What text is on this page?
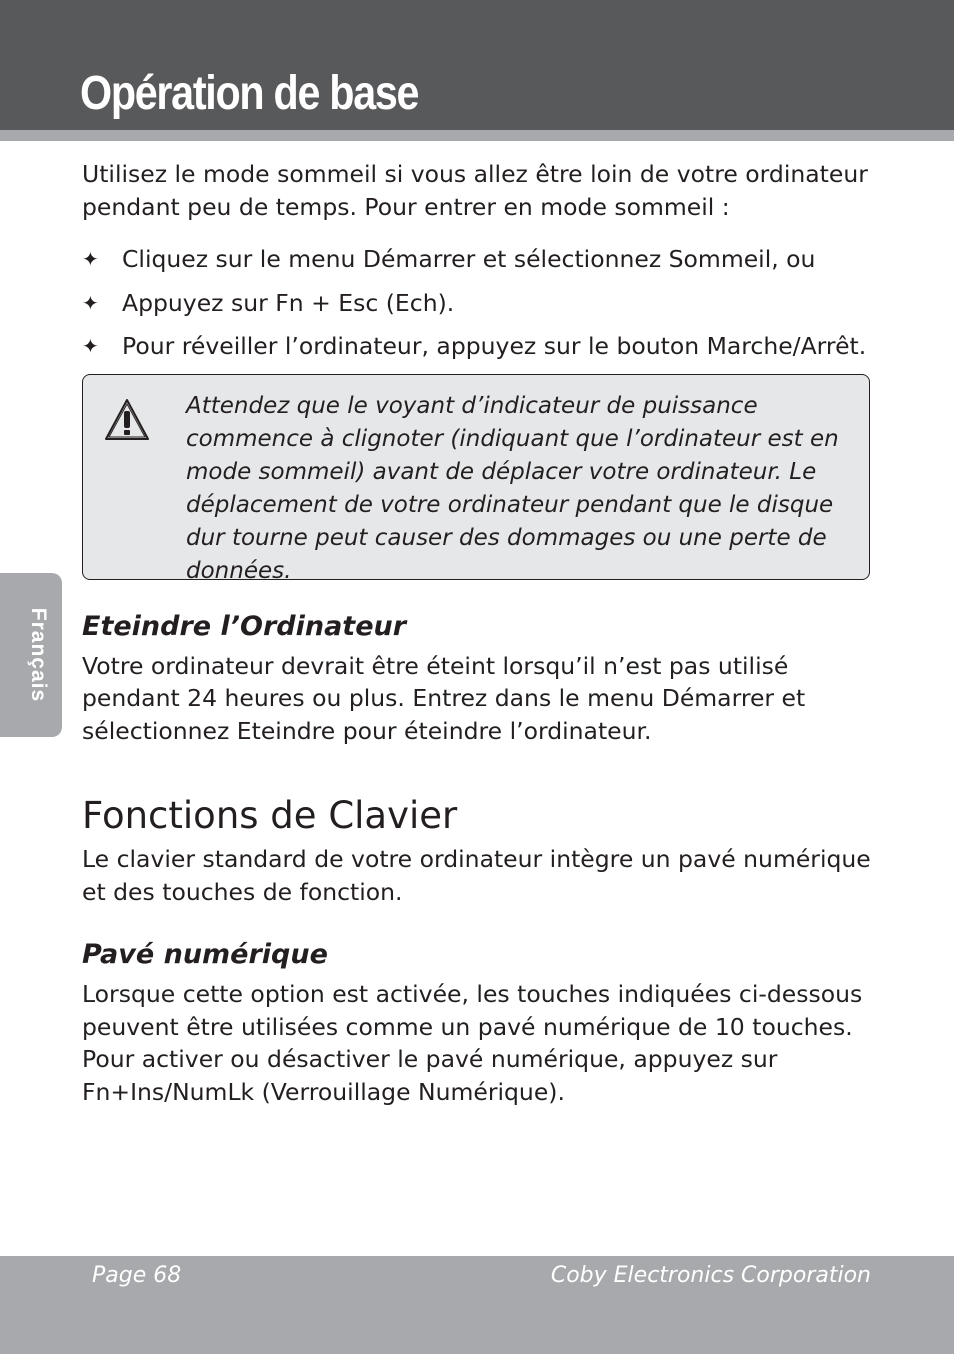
Opération de base
Français

Utilisez le mode sommeil si vous allez être loin de votre ordinateur pendant peu de temps. Pour entrer en mode sommeil :

✦ Cliquez sur le menu Démarrer et sélectionnez Sommeil, ou
✦ Appuyez sur Fn + Esc (Ech).
✦ Pour réveiller l’ordinateur, appuyez sur le bouton Marche/Arrêt.

Attendez que le voyant d’indicateur de puissance commence à clignoter (indiquant que l’ordinateur est en mode sommeil) avant de déplacer votre ordinateur. Le déplacement de votre ordinateur pendant que le disque dur tourne peut causer des dommages ou une perte de données.

Eteindre l’Ordinateur

Votre ordinateur devrait être éteint lorsqu’il n’est pas utilisé pendant 24 heures ou plus. Entrez dans le menu Démarrer et sélectionnez Eteindre pour éteindre l’ordinateur.

Fonctions de Clavier

Le clavier standard de votre ordinateur intègre un pavé numérique et des touches de fonction.

Pavé numérique

Lorsque cette option est activée, les touches indiquées ci-dessous peuvent être utilisées comme un pavé numérique de 10 touches. Pour activer ou désactiver le pavé numérique, appuyez sur Fn+Ins/NumLk (Verrouillage Numérique).

Page 68	Coby Electronics Corporation
